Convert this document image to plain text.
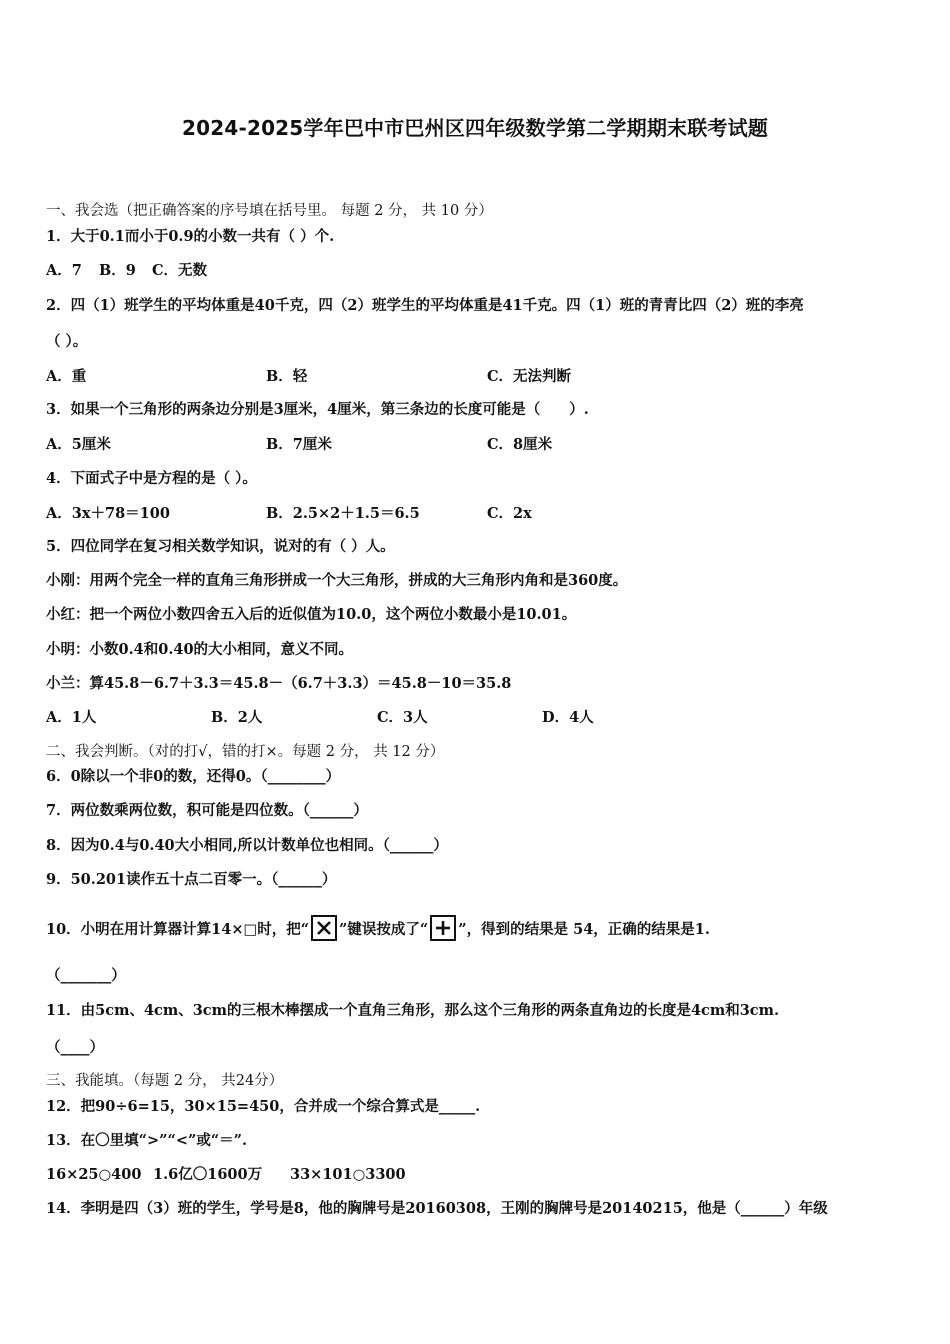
2024-2025学年巴中市巴州区四年级数学第二学期期末联考试题
一、我会选（把正确答案的序号填在括号里。 每题 2 分， 共 10 分）
1．大于0.1而小于0.9的小数一共有（ ）个.
A．7 B．9 C．无数
2．四（1）班学生的平均体重是40千克，四（2）班学生的平均体重是41千克。四（1）班的青青比四（2）班的李亮
（ ）。
A．重	B．轻	C．无法判断
3．如果一个三角形的两条边分别是3厘米，4厘米，第三条边的长度可能是（　　）.
A．5厘米	B．7厘米	C．8厘米
4．下面式子中是方程的是（ ）。
A．3x＋78＝100	B．2.5×2＋1.5＝6.5	C．2x
5．四位同学在复习相关数学知识，说对的有（ ）人。
小刚：用两个完全一样的直角三角形拼成一个大三角形，拼成的大三角形内角和是360度。
小红：把一个两位小数四舍五入后的近似值为10.0，这个两位小数最小是10.01。
小明：小数0.4和0.40的大小相同，意义不同。
小兰：算45.8－6.7＋3.3＝45.8－（6.7＋3.3）＝45.8－10＝35.8
A．1人	B．2人	C．3人	D．4人
二、我会判断。（对的打√，错的打×。每题 2 分， 共 12 分）
6．0除以一个非0的数，还得0。（________）
7．两位数乘两位数，积可能是四位数。（______）
8．因为0.4与0.40大小相同,所以计数单位也相同。（______）
9．50.201读作五十点二百零一。（______）
10．小明在用计算器计算14×□时，把“ ”键误按成了“ ”，得到的结果是 54，正确的结果是1.
（_______）
11．由5cm、4cm、3cm的三根木棒摆成一个直角三角形，那么这个三角形的两条直角边的长度是4cm和3cm.
（____）
三、我能填。（每题 2 分， 共24分）
12．把90÷6=15，30×15=450，合并成一个综合算式是_____.
13．在〇里填“>”“<”或“＝”.
16×25○400 1.6亿〇1600万 33×101○3300
14．李明是四（3）班的学生，学号是8，他的胸牌号是20160308，王刚的胸牌号是20140215，他是（______）年级
